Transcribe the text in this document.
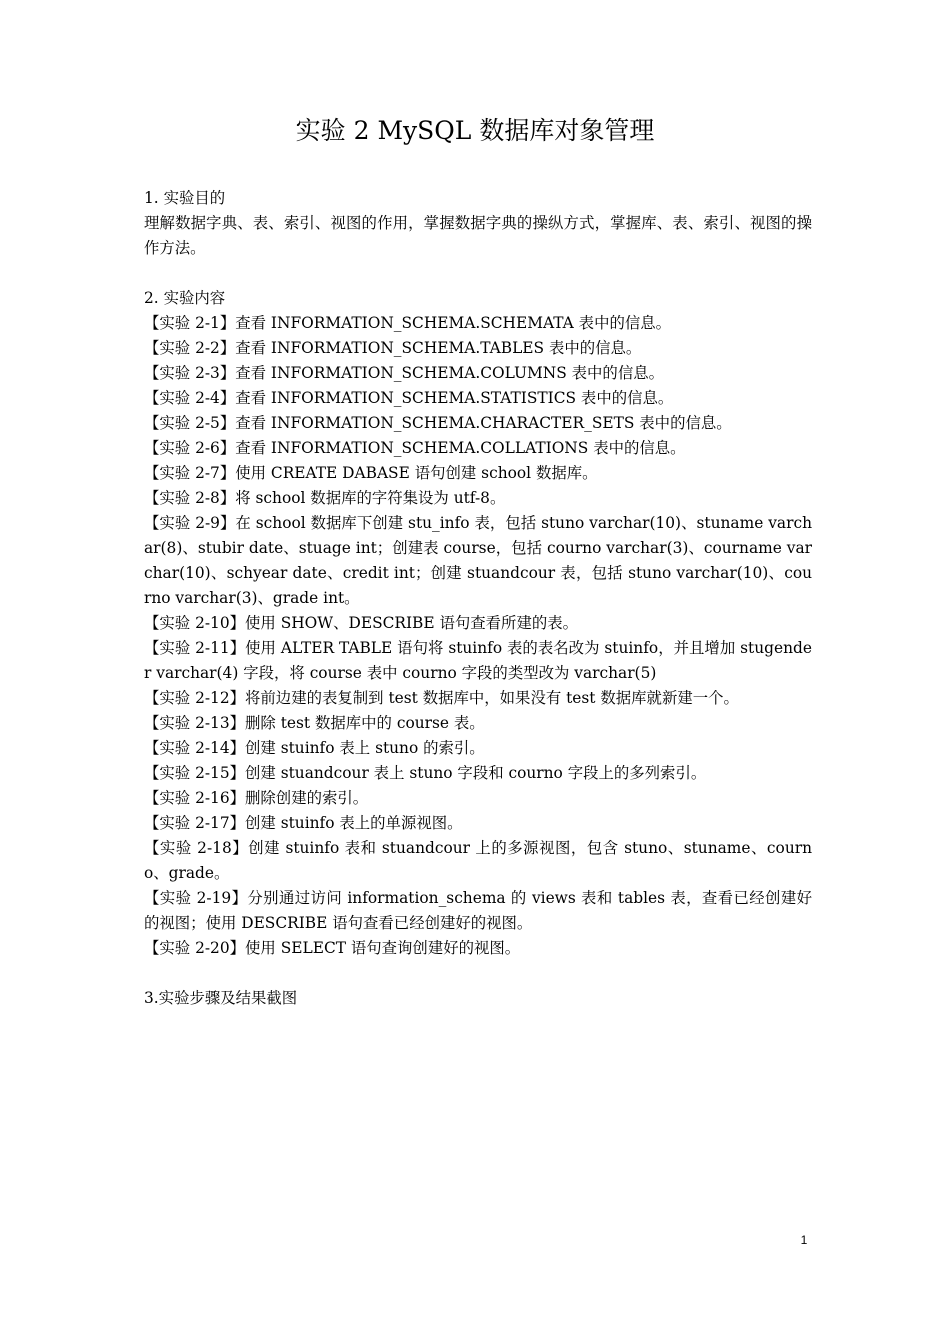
实验 2 MySQL 数据库对象管理

1. 实验目的

理解数据字典、表、索引、视图的作用，掌握数据字典的操纵方式，掌握库、表、索引、视图的操作方法。

2. 实验内容

【实验 2-1】查看 INFORMATION_SCHEMA.SCHEMATA 表中的信息。

【实验 2-2】查看 INFORMATION_SCHEMA.TABLES 表中的信息。

【实验 2-3】查看 INFORMATION_SCHEMA.COLUMNS 表中的信息。

【实验 2-4】查看 INFORMATION_SCHEMA.STATISTICS 表中的信息。

【实验 2-5】查看 INFORMATION_SCHEMA.CHARACTER_SETS 表中的信息。

【实验 2-6】查看 INFORMATION_SCHEMA.COLLATIONS 表中的信息。

【实验 2-7】使用 CREATE DABASE 语句创建 school 数据库。

【实验 2-8】将 school 数据库的字符集设为 utf-8。

【实验 2-9】在 school 数据库下创建 stu_info 表，包括 stuno varchar(10)、stuname varchar(8)、stubir date、stuage int；创建表 course，包括 courno varchar(3)、courname varchar(10)、schyear date、credit int；创建 stuandcour 表，包括 stuno varchar(10)、courno varchar(3)、grade int。

【实验 2-10】使用 SHOW、DESCRIBE 语句查看所建的表。

【实验 2-11】使用 ALTER TABLE 语句将 stuinfo 表的表名改为 stuinfo，并且增加 stugender varchar(4) 字段，将 course 表中 courno 字段的类型改为 varchar(5)

【实验 2-12】将前边建的表复制到 test 数据库中，如果没有 test 数据库就新建一个。

【实验 2-13】删除 test 数据库中的 course 表。

【实验 2-14】创建 stuinfo 表上 stuno 的索引。

【实验 2-15】创建 stuandcour 表上 stuno 字段和 courno 字段上的多列索引。

【实验 2-16】删除创建的索引。

【实验 2-17】创建 stuinfo 表上的单源视图。

【实验 2-18】创建 stuinfo 表和 stuandcour 上的多源视图，包含 stuno、stuname、courno、grade。

【实验 2-19】分别通过访问 information_schema 的 views 表和 tables 表，查看已经创建好的视图；使用 DESCRIBE 语句查看已经创建好的视图。

【实验 2-20】使用 SELECT 语句查询创建好的视图。

3.实验步骤及结果截图

1
